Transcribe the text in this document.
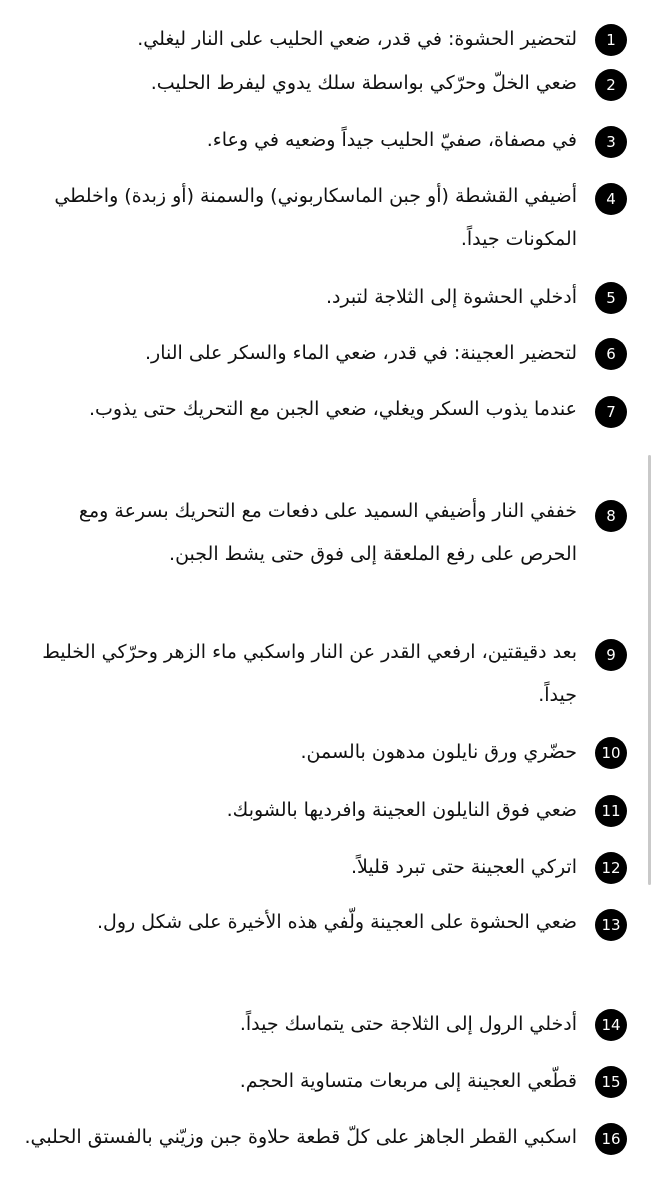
1
لتحضير الحشوة: في قدر، ضعي الحليب على النار ليغلي.
2
ضعي الخلّ وحرّكي بواسطة سلك يدوي ليفرط الحليب.
3
في مصفاة، صفيّ الحليب جيداً وضعيه في وعاء.
4
أضيفي القشطة (أو جبن الماسكاربوني) والسمنة (أو زبدة) واخلطي المكونات جيداً.
5
أدخلي الحشوة إلى الثلاجة لتبرد.
6
لتحضير العجينة: في قدر، ضعي الماء والسكر على النار.
7
عندما يذوب السكر ويغلي، ضعي الجبن مع التحريك حتى يذوب.
8
خففي النار وأضيفي السميد على دفعات مع التحريك بسرعة ومع الحرص على رفع الملعقة إلى فوق حتى يشط الجبن.
9
بعد دقيقتين، ارفعي القدر عن النار واسكبي ماء الزهر وحرّكي الخليط جيداً.
10
حضّري ورق نايلون مدهون بالسمن.
11
ضعي فوق النايلون العجينة وافرديها بالشوبك.
12
اتركي العجينة حتى تبرد قليلاً.
13
ضعي الحشوة على العجينة ولّفي هذه الأخيرة على شكل رول.
14
أدخلي الرول إلى الثلاجة حتى يتماسك جيداً.
15
قطّعي العجينة إلى مربعات متساوية الحجم.
16
اسكبي القطر الجاهز على كلّ قطعة حلاوة جبن وزيّني بالفستق الحلبي.
